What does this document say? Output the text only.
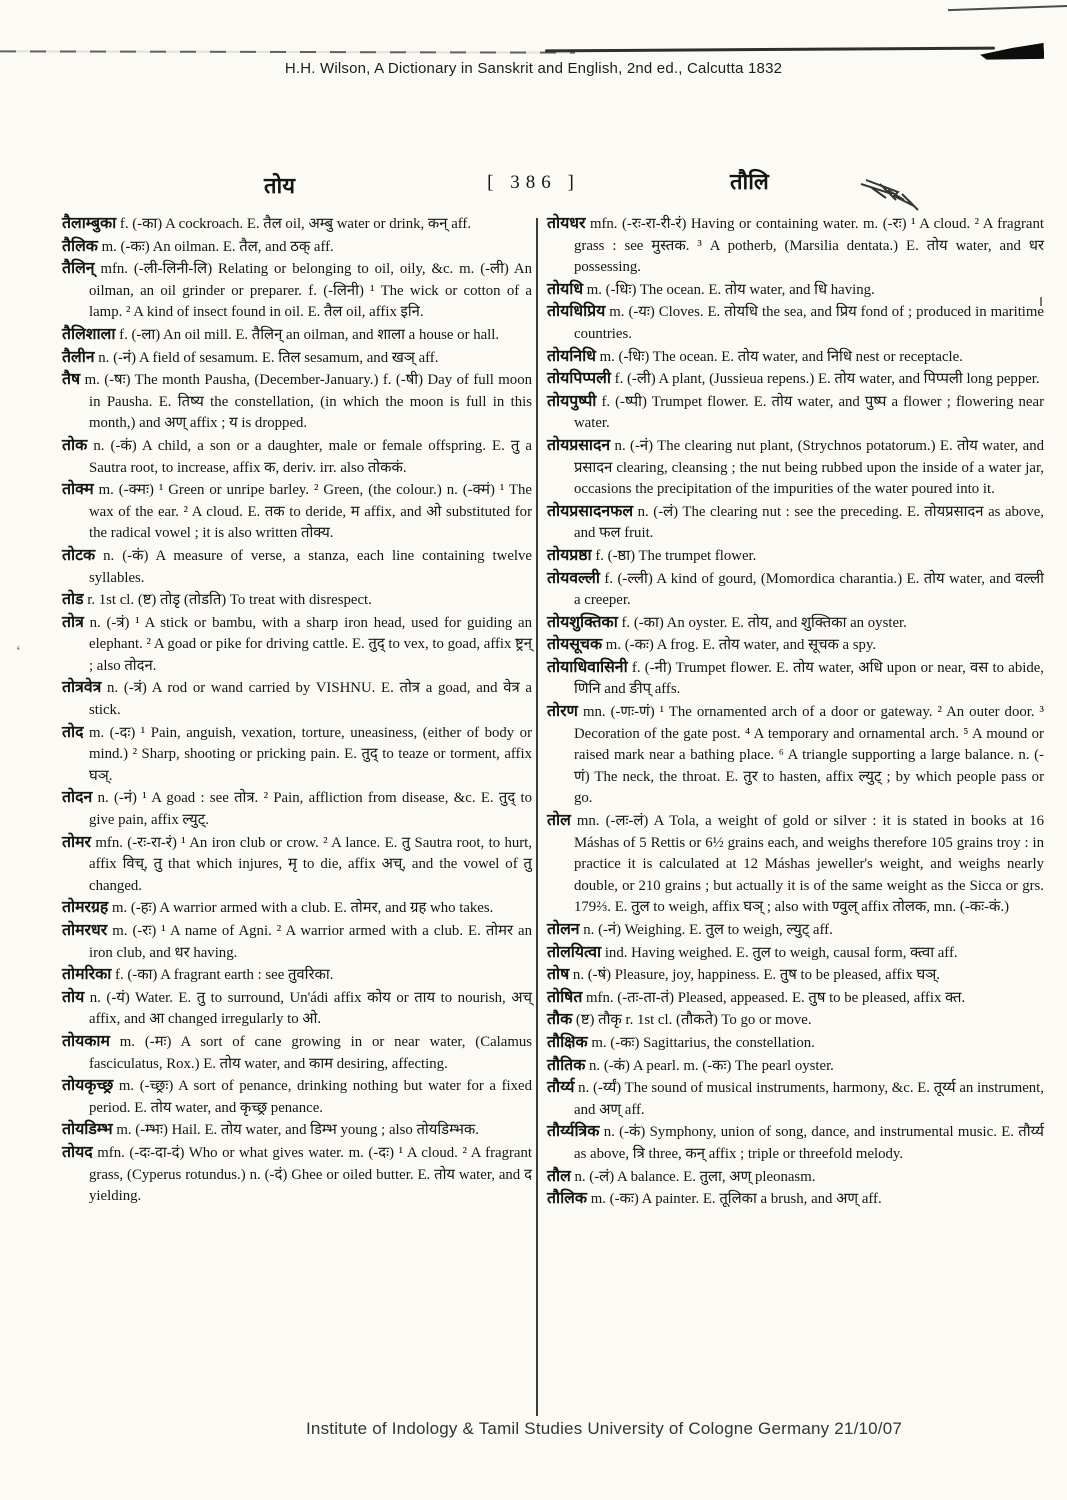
‘
H.H. Wilson, A Dictionary in Sanskrit and English, 2nd ed., Calcutta 1832
तोय	[ 386 ]	तौलि

तैलाम्बुका f. (-का) A cockroach. E. तैल oil, अम्बु water or drink, कन् aff.

तैलिक m. (-कः) An oilman. E. तैल, and ठक् aff.

तैलिन् mfn. (-ली-लिनी-लि) Relating or belonging to oil, oily, &c. m. (-ली) An oilman, an oil grinder or preparer. f. (-लिनी) ¹ The wick or cotton of a lamp. ² A kind of insect found in oil. E. तैल oil, affix इनि.

तैलिशाला f. (-ला) An oil mill. E. तैलिन् an oilman, and शाला a house or hall.

तैलीन n. (-नं) A field of sesamum. E. तिल sesamum, and खञ् aff.

तैष m. (-षः) The month Pausha, (December-January.) f. (-षी) Day of full moon in Pausha. E. तिष्य the constellation, (in which the moon is full in this month,) and अण् affix ; य is dropped.

तोक n. (-कं) A child, a son or a daughter, male or female offspring. E. तु a Sautra root, to increase, affix क, deriv. irr. also तोककं.

तोक्म m. (-क्मः) ¹ Green or unripe barley. ² Green, (the colour.) n. (-क्मं) ¹ The wax of the ear. ² A cloud. E. तक to deride, म affix, and ओ substituted for the radical vowel ; it is also written तोक्य.

तोटक n. (-कं) A measure of verse, a stanza, each line containing twelve syllables.

तोड r. 1st cl. (ष्ट) तोडृ (तोडति) To treat with disrespect.

तोत्र n. (-त्रं) ¹ A stick or bambu, with a sharp iron head, used for guiding an elephant. ² A goad or pike for driving cattle. E. तुद् to vex, to goad, affix ष्ट्रन् ; also तोदन.

तोत्रवेत्र n. (-त्रं) A rod or wand carried by VISHNU. E. तोत्र a goad, and वेत्र a stick.

तोद m. (-दः) ¹ Pain, anguish, vexation, torture, uneasiness, (either of body or mind.) ² Sharp, shooting or pricking pain. E. तुद् to teaze or torment, affix घञ्.

तोदन n. (-नं) ¹ A goad : see तोत्र. ² Pain, affliction from disease, &c. E. तुद् to give pain, affix ल्युट्.

तोमर mfn. (-रः-रा-रं) ¹ An iron club or crow. ² A lance. E. तु Sautra root, to hurt, affix विच्, तु that which injures, मृ to die, affix अच्, and the vowel of तु changed.

तोमरग्रह m. (-हः) A warrior armed with a club. E. तोमर, and ग्रह who takes.

तोमरधर m. (-रः) ¹ A name of Agni. ² A warrior armed with a club. E. तोमर an iron club, and धर having.

तोमरिका f. (-का) A fragrant earth : see तुवरिका.

तोय n. (-यं) Water. E. तु to surround, Un'ádi affix कोय or ताय to nourish, अच् affix, and आ changed irregularly to ओ.

तोयकाम m. (-मः) A sort of cane growing in or near water, (Calamus fasciculatus, Rox.) E. तोय water, and काम desiring, affecting.

तोयकृच्छ्र m. (-च्छ्रः) A sort of penance, drinking nothing but water for a fixed period. E. तोय water, and कृच्छ्र penance.

तोयडिम्भ m. (-म्भः) Hail. E. तोय water, and डिम्भ young ; also तोयडिम्भक.

तोयद mfn. (-दः-दा-दं) Who or what gives water. m. (-दः) ¹ A cloud. ² A fragrant grass, (Cyperus rotundus.) n. (-दं) Ghee or oiled butter. E. तोय water, and द yielding.

तोयधर mfn. (-रः-रा-री-रं) Having or containing water. m. (-रः) ¹ A cloud. ² A fragrant grass : see मुस्तक. ³ A potherb, (Marsilia dentata.) E. तोय water, and धर possessing.

तोयधि m. (-धिः) The ocean. E. तोय water, and धि having.

तोयधिप्रिय m. (-यः) Cloves. E. तोयधि the sea, and प्रिय fond of ; produced in maritime countries.

तोयनिधि m. (-धिः) The ocean. E. तोय water, and निधि nest or receptacle.

तोयपिप्पली f. (-ली) A plant, (Jussieua repens.) E. तोय water, and पिप्पली long pepper.

तोयपुष्पी f. (-ष्पी) Trumpet flower. E. तोय water, and पुष्प a flower ; flowering near water.

तोयप्रसादन n. (-नं) The clearing nut plant, (Strychnos potatorum.) E. तोय water, and प्रसादन clearing, cleansing ; the nut being rubbed upon the inside of a water jar, occasions the precipitation of the impurities of the water poured into it.

तोयप्रसादनफल n. (-लं) The clearing nut : see the preceding. E. तोयप्रसादन as above, and फल fruit.

तोयप्रष्ठा f. (-ष्ठा) The trumpet flower.

तोयवल्ली f. (-ल्ली) A kind of gourd, (Momordica charantia.) E. तोय water, and वल्ली a creeper.

तोयशुक्तिका f. (-का) An oyster. E. तोय, and शुक्तिका an oyster.

तोयसूचक m. (-कः) A frog. E. तोय water, and सूचक a spy.

तोयाधिवासिनी f. (-नी) Trumpet flower. E. तोय water, अधि upon or near, वस to abide, णिनि and ङीप् affs.

तोरण mn. (-णः-णं) ¹ The ornamented arch of a door or gateway. ² An outer door. ³ Decoration of the gate post. ⁴ A temporary and ornamental arch. ⁵ A mound or raised mark near a bathing place. ⁶ A triangle supporting a large balance. n. (-णं) The neck, the throat. E. तुर to hasten, affix ल्युट् ; by which people pass or go.

तोल mn. (-लः-लं) A Tola, a weight of gold or silver : it is stated in books at 16 Máshas of 5 Rettis or 6½ grains each, and weighs therefore 105 grains troy : in practice it is calculated at 12 Máshas jeweller's weight, and weighs nearly double, or 210 grains ; but actually it is of the same weight as the Sicca or grs. 179⅔. E. तुल to weigh, affix घञ् ; also with ण्वुल् affix तोलक, mn. (-कः-कं.)

तोलन n. (-नं) Weighing. E. तुल to weigh, ल्युट् aff.

तोलयित्वा ind. Having weighed. E. तुल to weigh, causal form, क्त्वा aff.

तोष n. (-षं) Pleasure, joy, happiness. E. तुष to be pleased, affix घञ्.

तोषित mfn. (-तः-ता-तं) Pleased, appeased. E. तुष to be pleased, affix क्त.

तौक (ष्ट) तौकृ r. 1st cl. (तौकते) To go or move.

तौक्षिक m. (-कः) Sagittarius, the constellation.

तौतिक n. (-कं) A pearl. m. (-कः) The pearl oyster.

तौर्य्य n. (-र्य्यं) The sound of musical instruments, harmony, &c. E. तूर्य्य an instrument, and अण् aff.

तौर्य्यत्रिक n. (-कं) Symphony, union of song, dance, and instrumental music. E. तौर्य्य as above, त्रि three, कन् affix ; triple or threefold melody.

तौल n. (-लं) A balance. E. तुला, अण् pleonasm.

तौलिक m. (-कः) A painter. E. तूलिका a brush, and अण् aff.

Institute of Indology & Tamil Studies University of Cologne Germany 21/10/07
